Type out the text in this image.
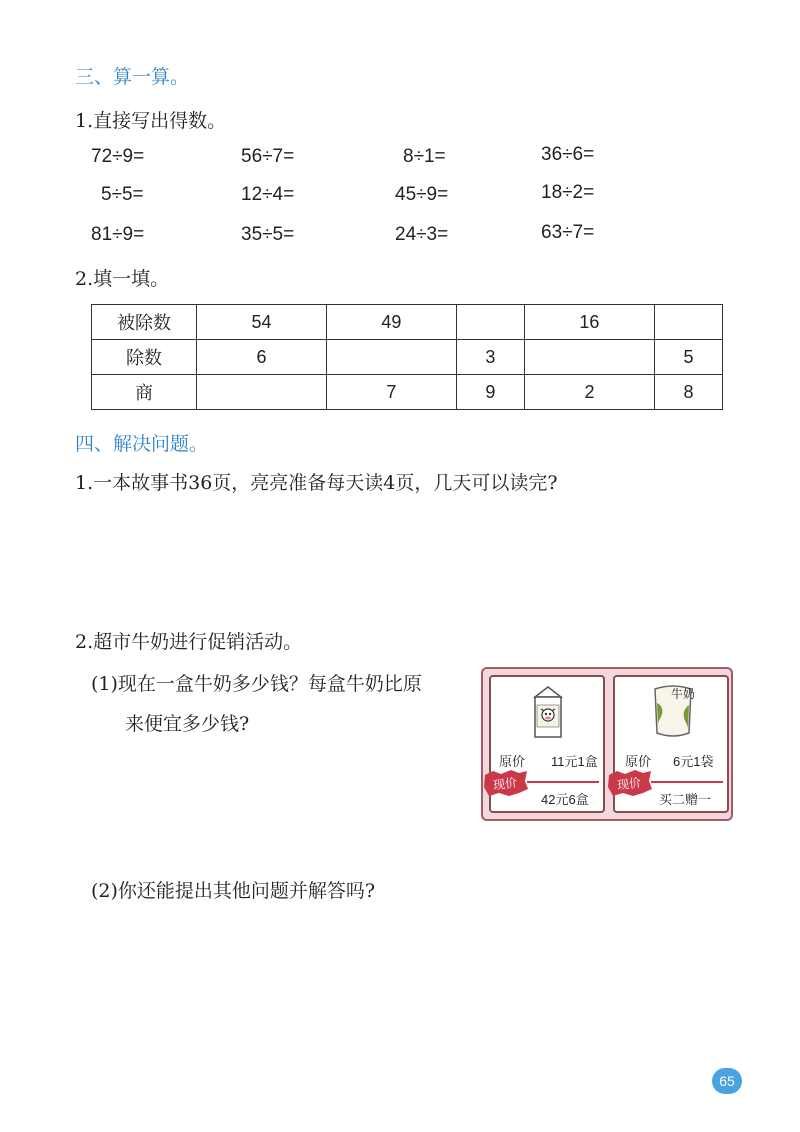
三、算一算。
1.直接写出得数。
72÷9=	56÷7=	8÷1=	36÷6=
5÷5=	12÷4=	45÷9=	18÷2=
81÷9=	35÷5=	24÷3=	63÷7=
2.填一填。
被除数	54	49		16	
除数	6		3		5
商		7	9	2	8
四、解决问题。
1.一本故事书36页，亮亮准备每天读4页，几天可以读完?
2.超市牛奶进行促销活动。
(1)现在一盒牛奶多少钱？每盒牛奶比原
来便宜多少钱?
(2)你还能提出其他问题并解答吗?
原价 11元1盒
现价
42元6盒
牛奶
原价 6元1袋
现价
买二赠一
65
